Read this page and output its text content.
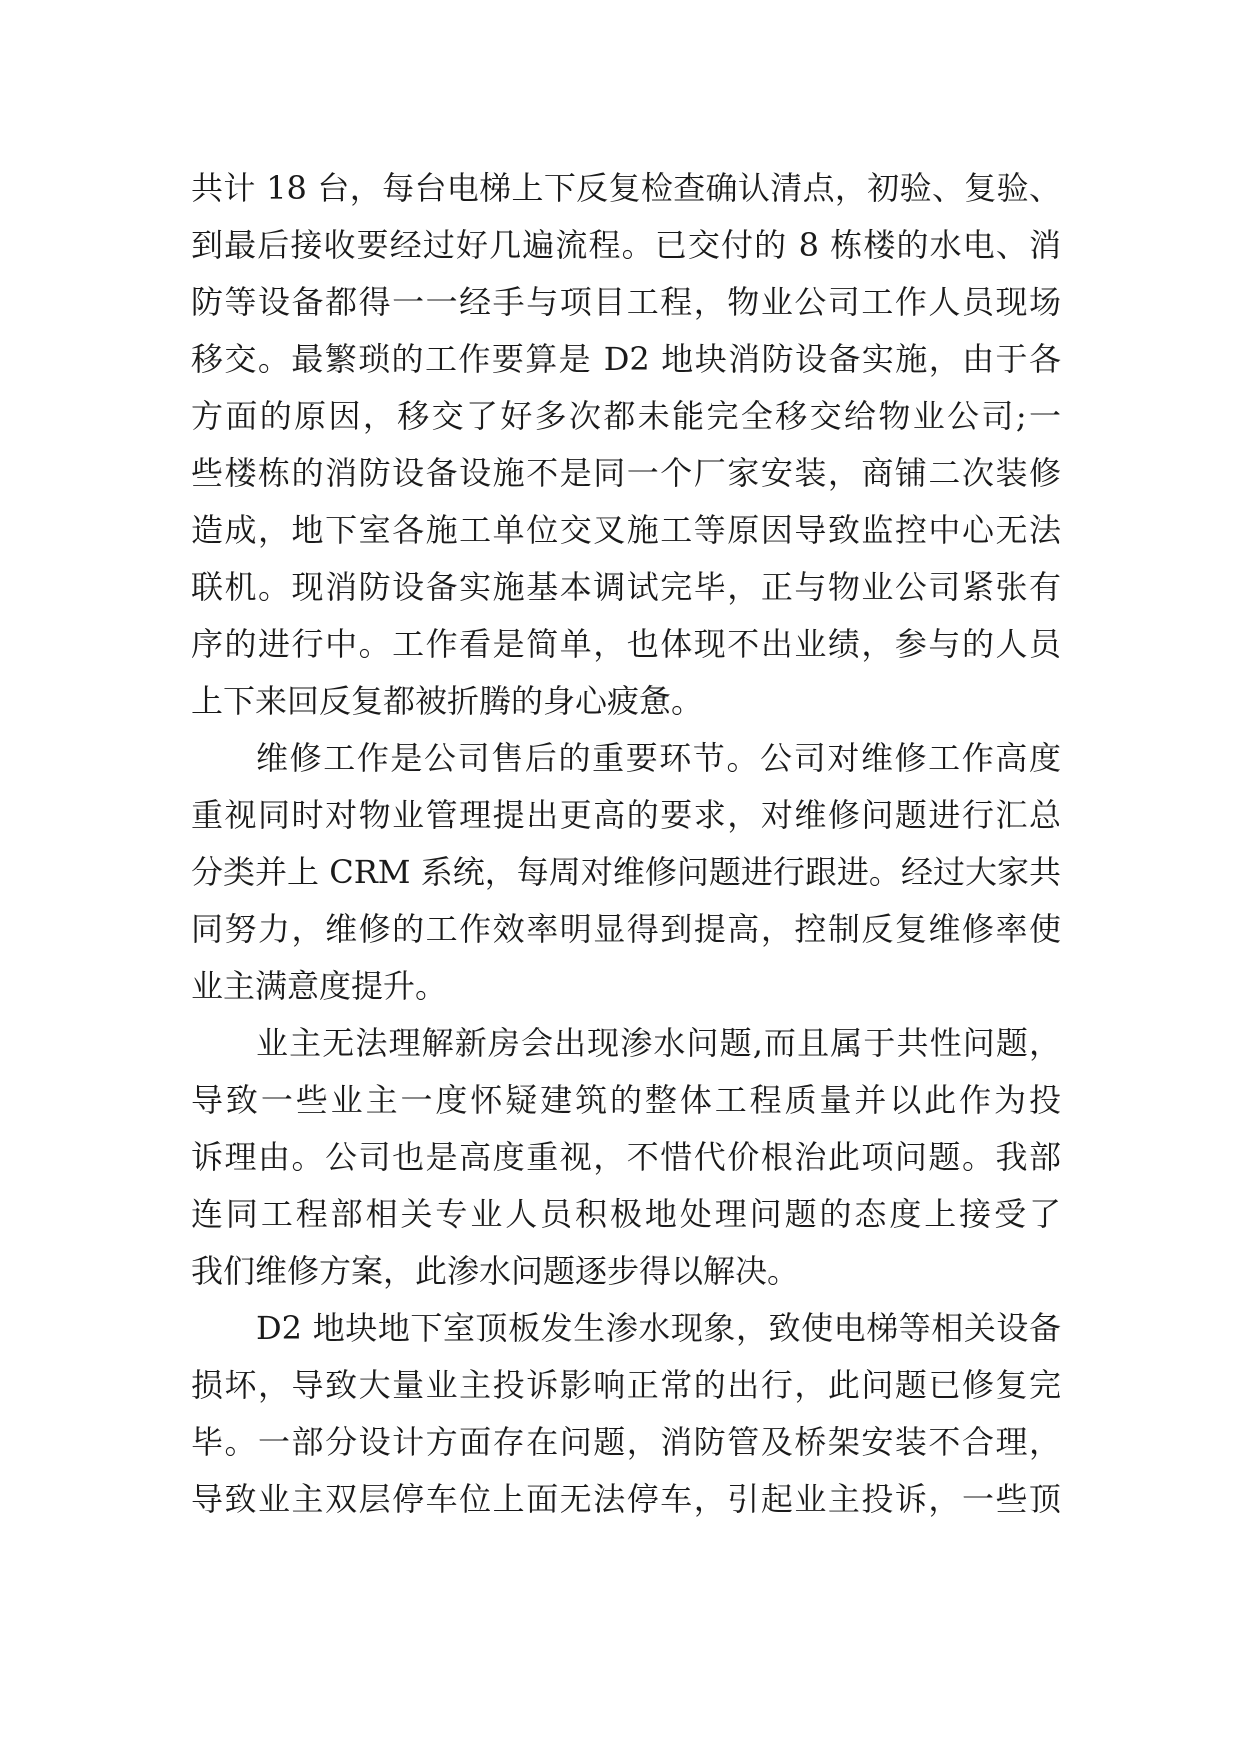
共计 18 台，每台电梯上下反复检查确认清点，初验、复验、
到最后接收要经过好几遍流程。已交付的 8 栋楼的水电、消
防等设备都得一一经手与项目工程，物业公司工作人员现场
移交。最繁琐的工作要算是 D2 地块消防设备实施，由于各
方面的原因，移交了好多次都未能完全移交给物业公司;一
些楼栋的消防设备设施不是同一个厂家安装，商铺二次装修
造成，地下室各施工单位交叉施工等原因导致监控中心无法
联机。现消防设备实施基本调试完毕，正与物业公司紧张有
序的进行中。工作看是简单，也体现不出业绩，参与的人员
上下来回反复都被折腾的身心疲惫。
维修工作是公司售后的重要环节。公司对维修工作高度
重视同时对物业管理提出更高的要求，对维修问题进行汇总
分类并上 CRM 系统，每周对维修问题进行跟进。经过大家共
同努力，维修的工作效率明显得到提高，控制反复维修率使
业主满意度提升。
业主无法理解新房会出现渗水问题,而且属于共性问题，
导致一些业主一度怀疑建筑的整体工程质量并以此作为投
诉理由。公司也是高度重视，不惜代价根治此项问题。我部
连同工程部相关专业人员积极地处理问题的态度上接受了
我们维修方案，此渗水问题逐步得以解决。
D2 地块地下室顶板发生渗水现象，致使电梯等相关设备
损坏，导致大量业主投诉影响正常的出行，此问题已修复完
毕。一部分设计方面存在问题，消防管及桥架安装不合理，
导致业主双层停车位上面无法停车，引起业主投诉，一些顶
